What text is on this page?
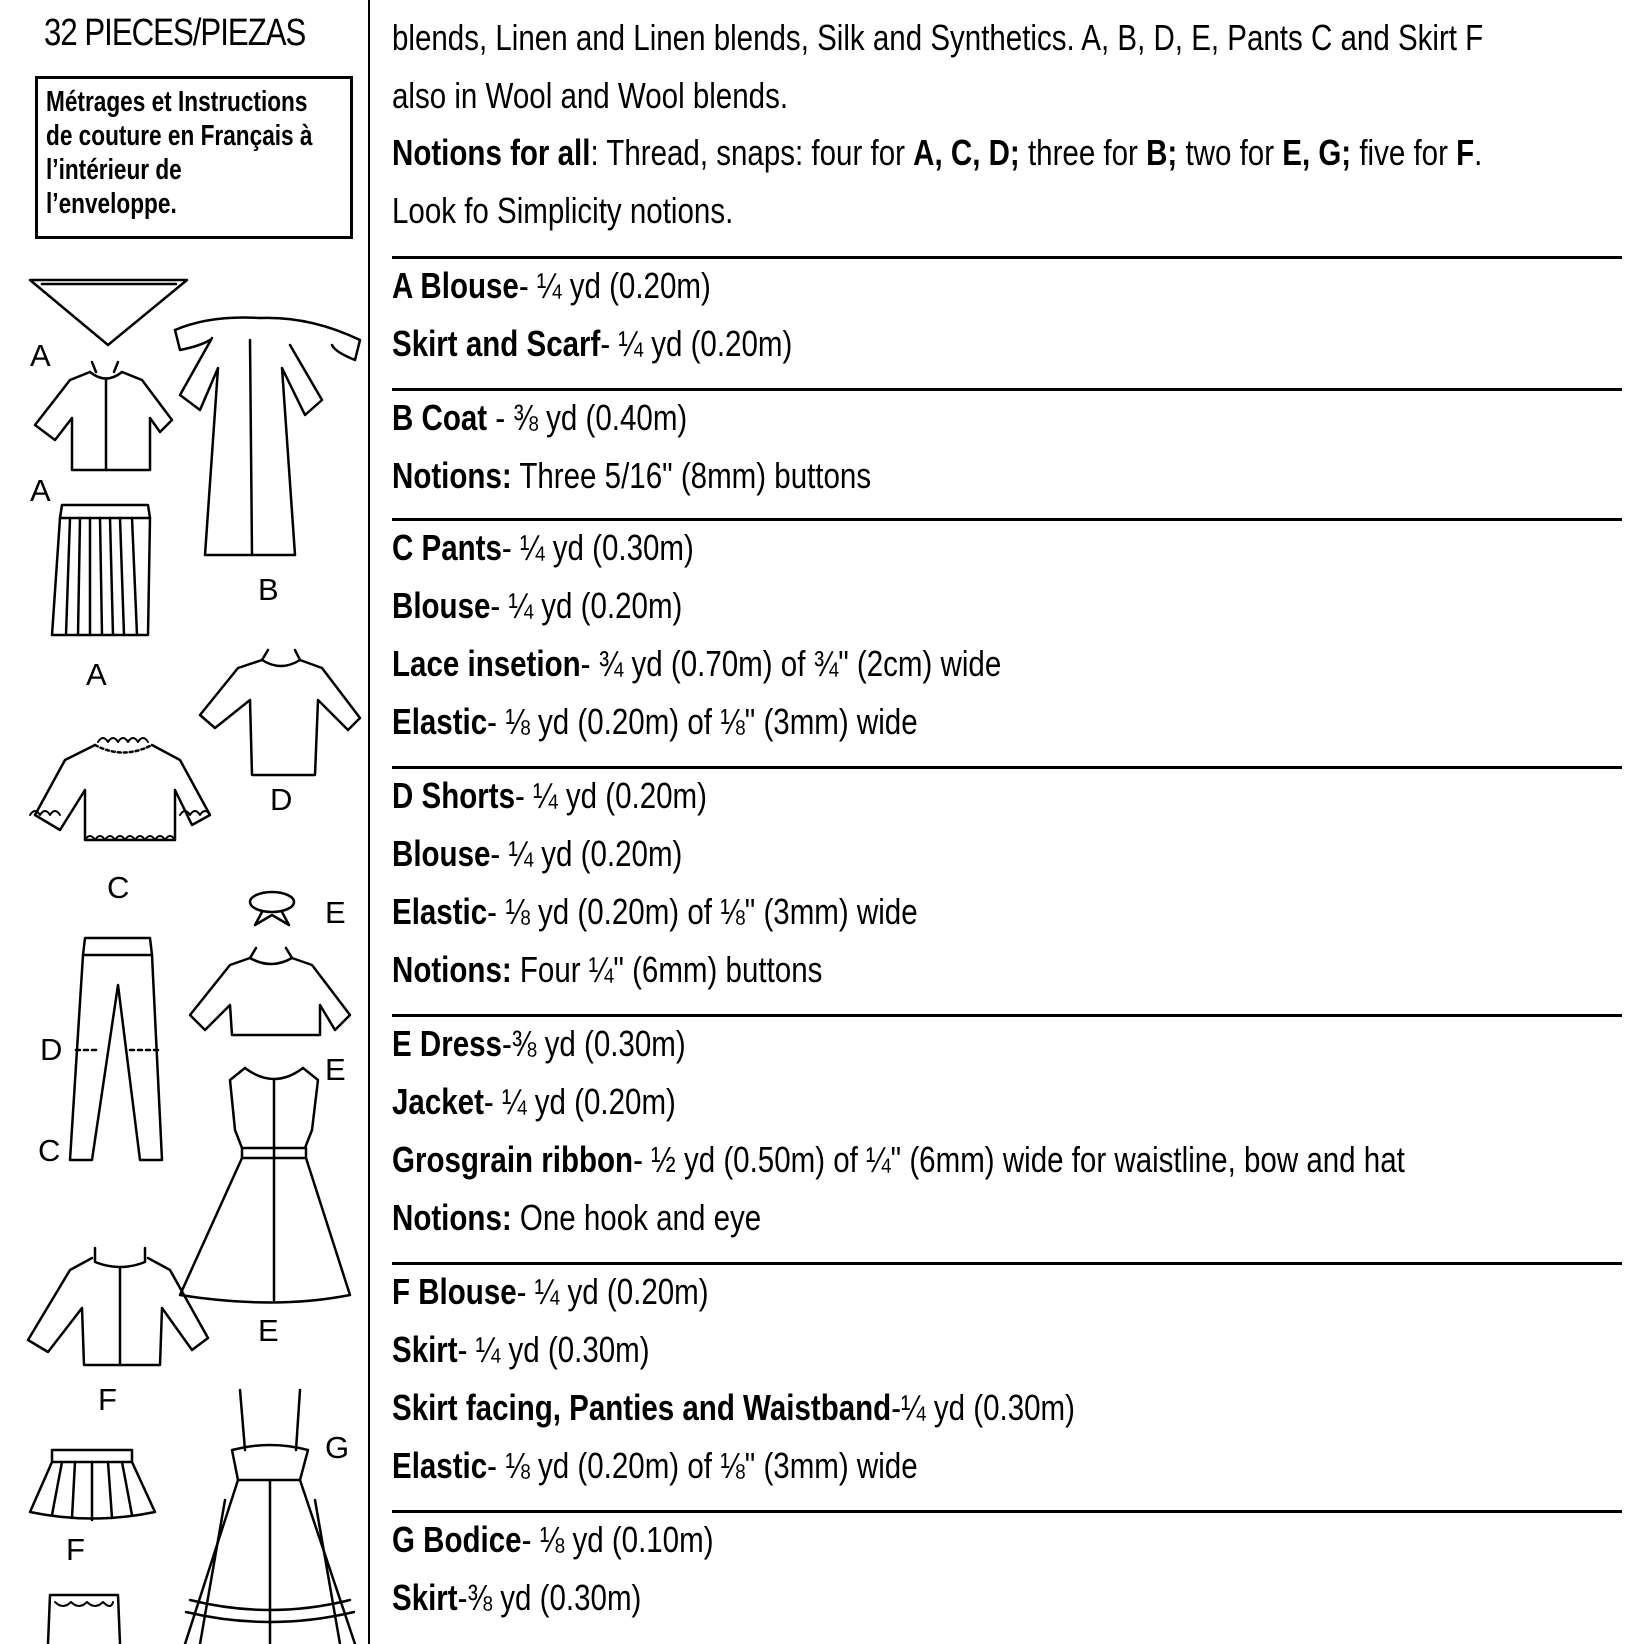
32 PIECES/PIEZAS
Métrages et Instructions
de couture en Français à
l’intérieur de
l’enveloppe.
A
A
A
B
D
C
E
D
E
C
E
F
G
F
blends, Linen and Linen blends, Silk and Synthetics. A, B, D, E, Pants C and Skirt F
also in Wool and Wool blends.
Notions for all: Thread, snaps: four for A, C, D; three for B; two for E, G; five for F.
Look fo Simplicity notions.
A Blouse- ¼ yd (0.20m)
Skirt and Scarf- ¼ yd (0.20m)
B Coat - ⅜ yd (0.40m)
Notions: Three 5/16" (8mm) buttons
C Pants- ¼ yd (0.30m)
Blouse- ¼ yd (0.20m)
Lace insetion- ¾ yd (0.70m) of ¾" (2cm) wide
Elastic- ⅛ yd (0.20m) of ⅛" (3mm) wide
D Shorts- ¼ yd (0.20m)
Blouse- ¼ yd (0.20m)
Elastic- ⅛ yd (0.20m) of ⅛" (3mm) wide
Notions: Four ¼" (6mm) buttons
E Dress-⅜ yd (0.30m)
Jacket- ¼ yd (0.20m)
Grosgrain ribbon- ½ yd (0.50m) of ¼" (6mm) wide for waistline, bow and hat
Notions: One hook and eye
F Blouse- ¼ yd (0.20m)
Skirt- ¼ yd (0.30m)
Skirt facing, Panties and Waistband-¼ yd (0.30m)
Elastic- ⅛ yd (0.20m) of ⅛" (3mm) wide
G Bodice- ⅛ yd (0.10m)
Skirt-⅜ yd (0.30m)
